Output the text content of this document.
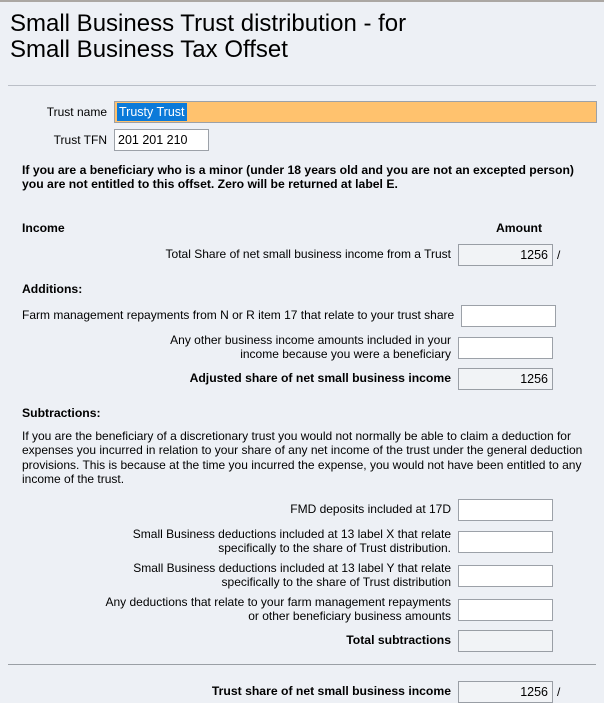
Small Business Trust distribution - for
Small Business Tax Offset
Trust name Trusty Trust
Trust TFN
201 201 210

If you are a beneficiary who is a minor (under 18 years old and you are not an excepted person)
you are not entitled to this offset. Zero will be returned at label E.

Income	Amount
Total Share of net small business income from a Trust	1256 /
Additions:
Farm management repayments from N or R item 17 that relate to your trust share
Any other business income amounts included in your
income because you were a beneficiary
Adjusted share of net small business income	1256
Subtractions:

If you are the beneficiary of a discretionary trust you would not normally be able to claim a deduction for
expenses you incurred in relation to your share of any net income of the trust under the general deduction
provisions. This is because at the time you incurred the expense, you would not have been entitled to any
income of the trust.

FMD deposits included at 17D
Small Business deductions included at 13 label X that relate
specifically to the share of Trust distribution.
Small Business deductions included at 13 label Y that relate
specifically to the share of Trust distribution
Any deductions that relate to your farm management repayments
or other beneficiary business amounts
Total subtractions
Trust share of net small business income	1256 /
